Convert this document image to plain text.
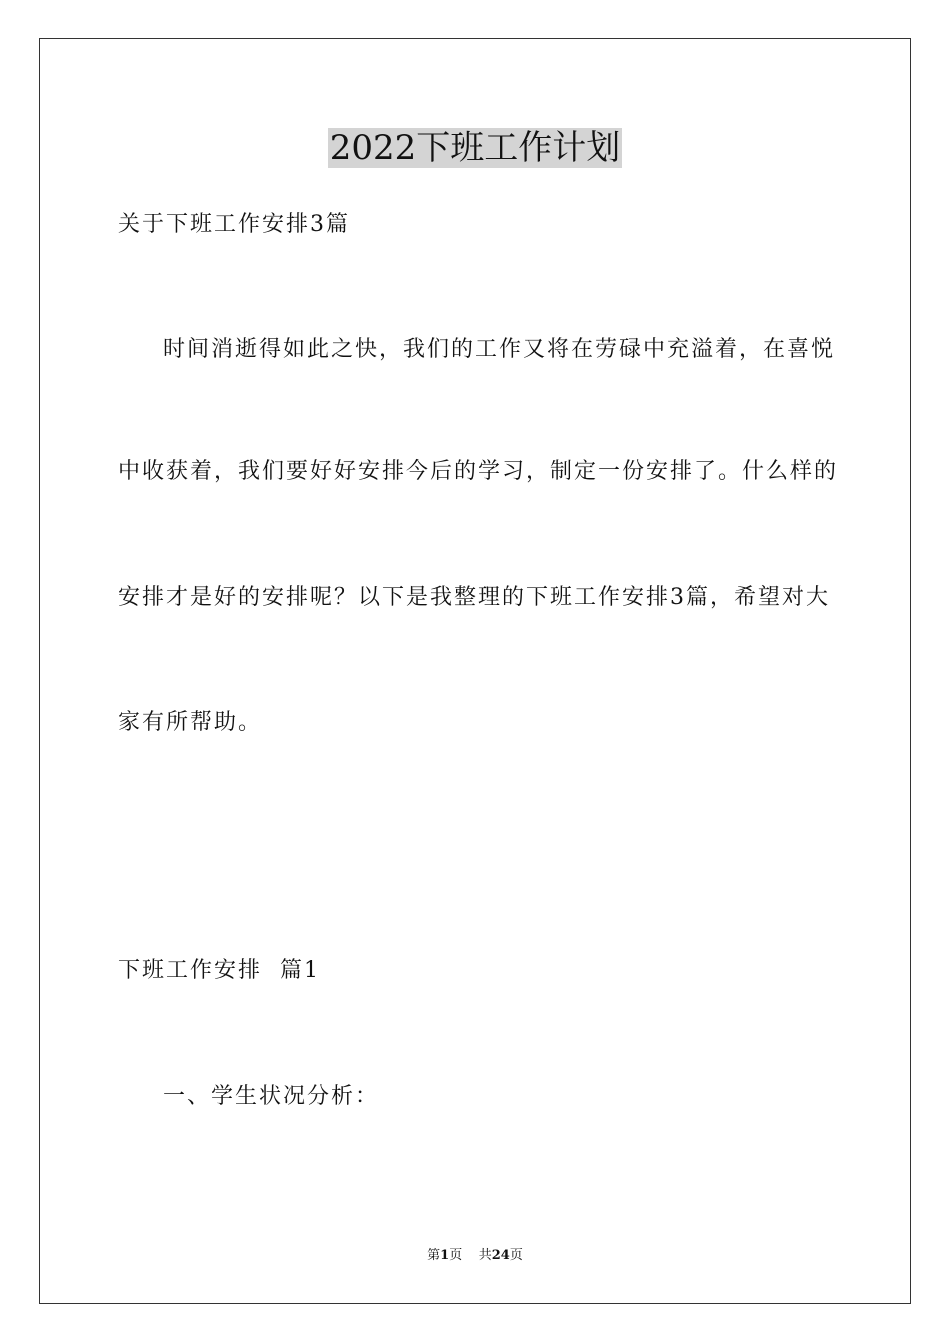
2022下班工作计划
关于下班工作安排3篇
时间消逝得如此之快，我们的工作又将在劳碌中充溢着，在喜悦
中收获着，我们要好好安排今后的学习，制定一份安排了。什么样的
安排才是好的安排呢？以下是我整理的下班工作安排3篇，希望对大
家有所帮助。
下班工作安排  篇1
一、学生状况分析：
第1页    共24页
